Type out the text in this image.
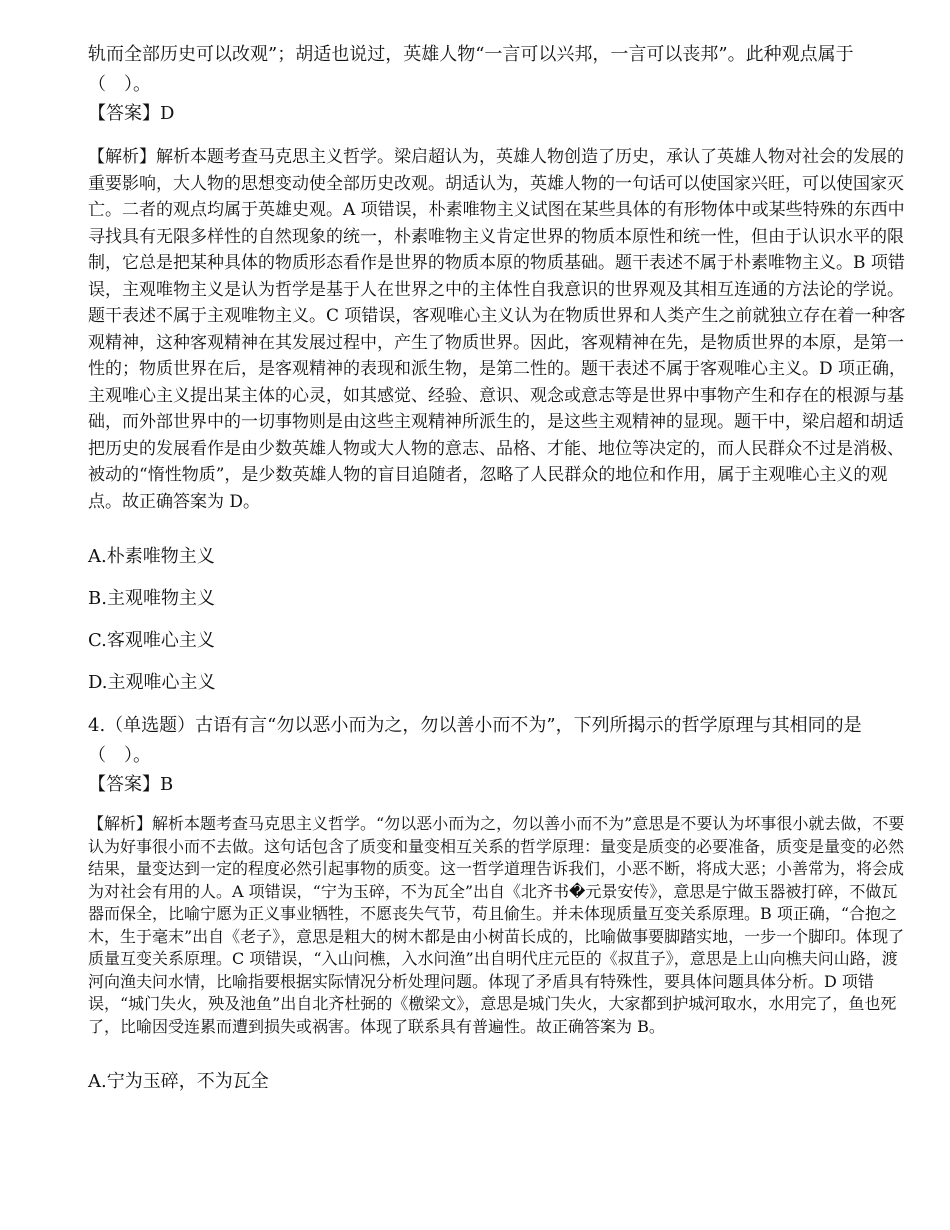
轨而全部历史可以改观”；胡适也说过，英雄人物“一言可以兴邦，一言可以丧邦”。此种观点属于（　）。

【答案】D

【解析】解析本题考查马克思主义哲学。梁启超认为，英雄人物创造了历史，承认了英雄人物对社会的发展的重要影响，大人物的思想变动使全部历史改观。胡适认为，英雄人物的一句话可以使国家兴旺，可以使国家灭亡。二者的观点均属于英雄史观。A 项错误，朴素唯物主义试图在某些具体的有形物体中或某些特殊的东西中寻找具有无限多样性的自然现象的统一，朴素唯物主义肯定世界的物质本原性和统一性，但由于认识水平的限制，它总是把某种具体的物质形态看作是世界的物质本原的物质基础。题干表述不属于朴素唯物主义。B 项错误，主观唯物主义是认为哲学是基于人在世界之中的主体性自我意识的世界观及其相互连通的方法论的学说。题干表述不属于主观唯物主义。C 项错误，客观唯心主义认为在物质世界和人类产生之前就独立存在着一种客观精神，这种客观精神在其发展过程中，产生了物质世界。因此，客观精神在先，是物质世界的本原，是第一性的；物质世界在后，是客观精神的表现和派生物，是第二性的。题干表述不属于客观唯心主义。D 项正确，主观唯心主义提出某主体的心灵，如其感觉、经验、意识、观念或意志等是世界中事物产生和存在的根源与基础，而外部世界中的一切事物则是由这些主观精神所派生的，是这些主观精神的显现。题干中，梁启超和胡适把历史的发展看作是由少数英雄人物或大人物的意志、品格、才能、地位等决定的，而人民群众不过是消极、被动的“惰性物质”，是少数英雄人物的盲目追随者，忽略了人民群众的地位和作用，属于主观唯心主义的观点。故正确答案为 D。

A.朴素唯物主义

B.主观唯物主义

C.客观唯心主义

D.主观唯心主义

4.（单选题）古语有言“勿以恶小而为之，勿以善小而不为”，下列所揭示的哲学原理与其相同的是（　）。

【答案】B

【解析】解析本题考查马克思主义哲学。“勿以恶小而为之，勿以善小而不为”意思是不要认为坏事很小就去做，不要认为好事很小而不去做。这句话包含了质变和量变相互关系的哲学原理：量变是质变的必要准备，质变是量变的必然结果，量变达到一定的程度必然引起事物的质变。这一哲学道理告诉我们，小恶不断，将成大恶；小善常为，将会成为对社会有用的人。A 项错误，“宁为玉碎，不为瓦全”出自《北齐书�元景安传》，意思是宁做玉器被打碎，不做瓦器而保全，比喻宁愿为正义事业牺牲，不愿丧失气节，苟且偷生。并未体现质量互变关系原理。B 项正确，“合抱之木，生于毫末”出自《老子》，意思是粗大的树木都是由小树苗长成的，比喻做事要脚踏实地，一步一个脚印。体现了质量互变关系原理。C 项错误，“入山问樵，入水问渔”出自明代庄元臣的《叔苴子》，意思是上山向樵夫问山路，渡河向渔夫问水情，比喻指要根据实际情况分析处理问题。体现了矛盾具有特殊性，要具体问题具体分析。D 项错误，“城门失火，殃及池鱼”出自北齐杜弼的《檄梁文》，意思是城门失火，大家都到护城河取水，水用完了，鱼也死了，比喻因受连累而遭到损失或祸害。体现了联系具有普遍性。故正确答案为 B。

A.宁为玉碎，不为瓦全
